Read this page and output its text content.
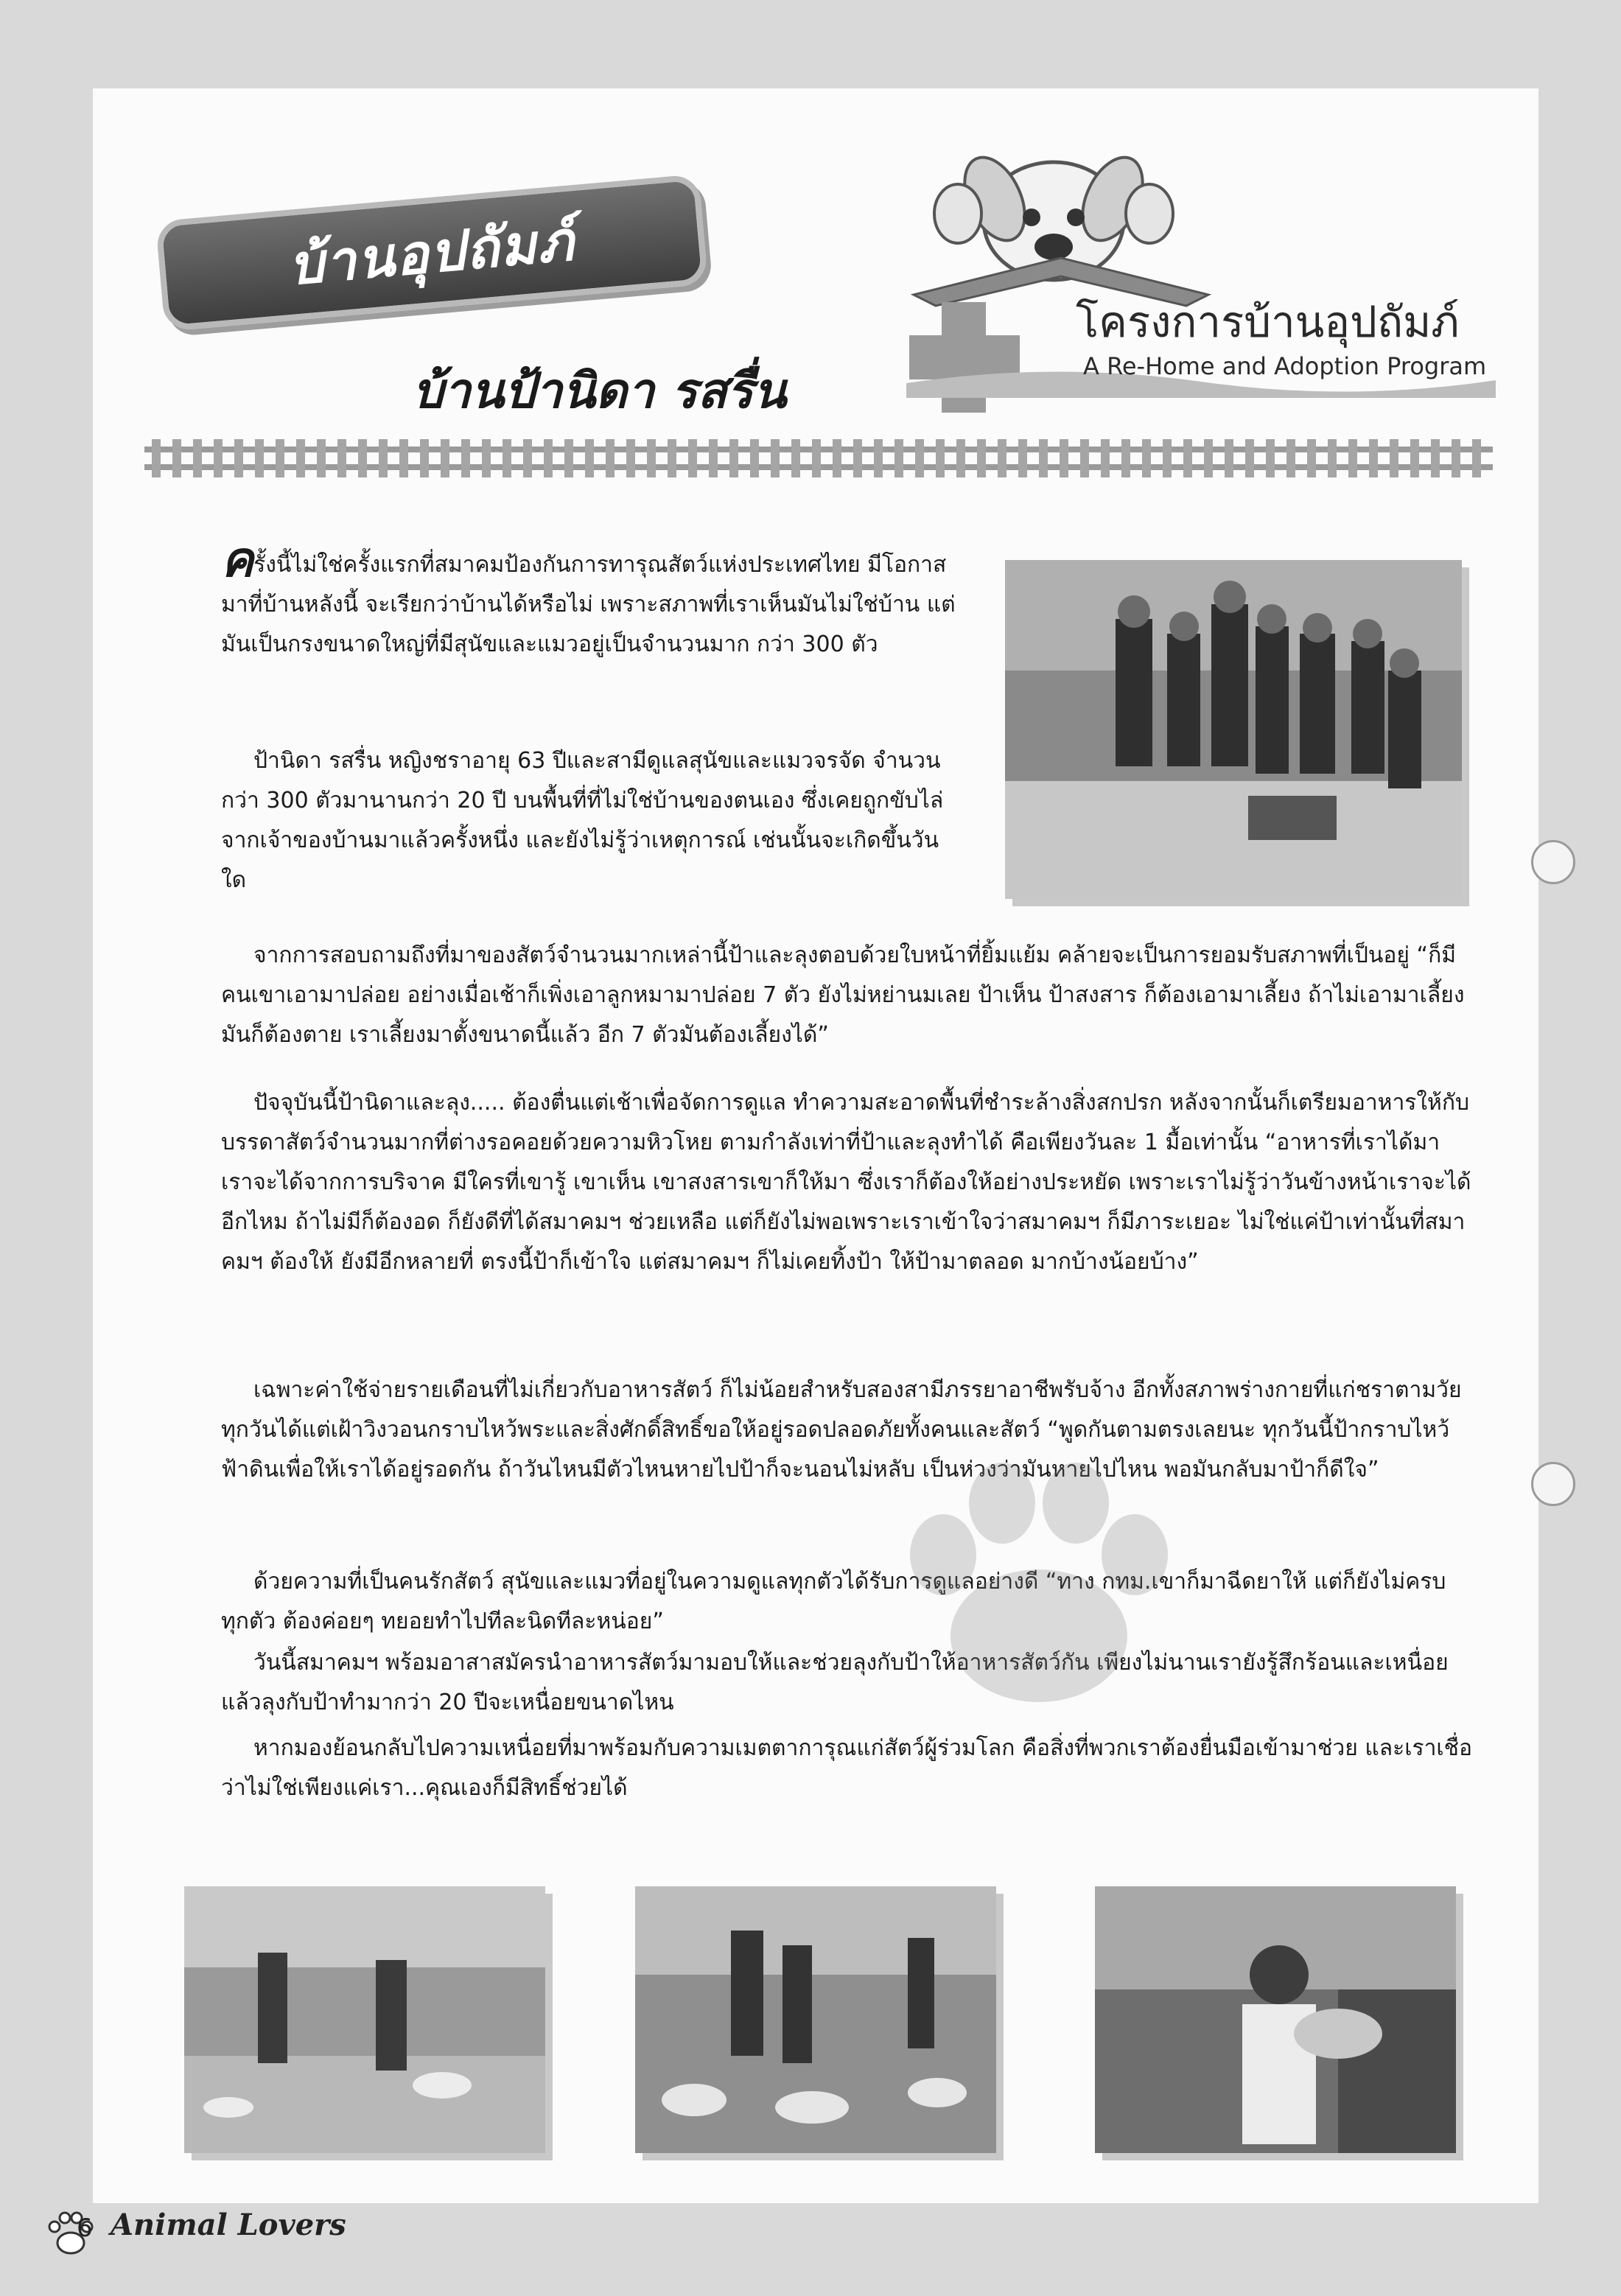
บ้านอุปถัมภ์
บ้านป้านิดา รสรื่น
โครงการบ้านอุปถัมภ์
A Re-Home and Adoption Program

ครั้งนี้ไม่ใช่ครั้งแรกที่สมาคมป้องกันการทารุณสัตว์แห่งประเทศไทย มีโอกาสมาที่บ้านหลังนี้ จะเรียกว่าบ้านได้หรือไม่ เพราะสภาพที่เราเห็นมันไม่ใช่บ้าน แต่มันเป็นกรงขนาดใหญ่ที่มีสุนัขและแมวอยู่เป็นจำนวนมาก กว่า 300 ตัว

ป้านิดา รสรื่น หญิงชราอายุ 63 ปีและสามีดูแลสุนัขและแมวจรจัด จำนวนกว่า 300 ตัวมานานกว่า 20 ปี บนพื้นที่ที่ไม่ใช่บ้านของตนเอง ซึ่งเคยถูกขับไล่จากเจ้าของบ้านมาแล้วครั้งหนึ่ง และยังไม่รู้ว่าเหตุการณ์ เช่นนั้นจะเกิดขึ้นวันใด
จากการสอบถามถึงที่มาของสัตว์จำนวนมากเหล่านี้ป้าและลุงตอบด้วยใบหน้าที่ยิ้มแย้ม คล้ายจะเป็นการยอมรับสภาพที่เป็นอยู่ “ก็มีคนเขาเอามาปล่อย อย่างเมื่อเช้าก็เพิ่งเอาลูกหมามาปล่อย 7 ตัว ยังไม่หย่านมเลย ป้าเห็น ป้าสงสาร ก็ต้องเอามาเลี้ยง ถ้าไม่เอามาเลี้ยงมันก็ต้องตาย เราเลี้ยงมาตั้งขนาดนี้แล้ว อีก 7 ตัวมันต้องเลี้ยงได้”
ปัจจุบันนี้ป้านิดาและลุง..... ต้องตื่นแต่เช้าเพื่อจัดการดูแล ทำความสะอาดพื้นที่ชำระล้างสิ่งสกปรก หลังจากนั้นก็เตรียมอาหารให้กับบรรดาสัตว์จำนวนมากที่ต่างรอคอยด้วยความหิวโหย ตามกำลังเท่าที่ป้าและลุงทำได้ คือเพียงวันละ 1 มื้อเท่านั้น “อาหารที่เราได้มา เราจะได้จากการบริจาค มีใครที่เขารู้ เขาเห็น เขาสงสารเขาก็ให้มา ซึ่งเราก็ต้องให้อย่างประหยัด เพราะเราไม่รู้ว่าวันข้างหน้าเราจะได้อีกไหม ถ้าไม่มีก็ต้องอด ก็ยังดีที่ได้สมาคมฯ ช่วยเหลือ แต่ก็ยังไม่พอเพราะเราเข้าใจว่าสมาคมฯ ก็มีภาระเยอะ ไม่ใช่แค่ป้าเท่านั้นที่สมาคมฯ ต้องให้ ยังมีอีกหลายที่ ตรงนี้ป้าก็เข้าใจ แต่สมาคมฯ ก็ไม่เคยทิ้งป้า ให้ป้ามาตลอด มากบ้างน้อยบ้าง”
เฉพาะค่าใช้จ่ายรายเดือนที่ไม่เกี่ยวกับอาหารสัตว์ ก็ไม่น้อยสำหรับสองสามีภรรยาอาชีพรับจ้าง อีกทั้งสภาพร่างกายที่แก่ชราตามวัย ทุกวันได้แต่เฝ้าวิงวอนกราบไหว้พระและสิ่งศักดิ์สิทธิ์ขอให้อยู่รอดปลอดภัยทั้งคนและสัตว์ “พูดกันตามตรงเลยนะ ทุกวันนี้ป้ากราบไหว้ฟ้าดินเพื่อให้เราได้อยู่รอดกัน ถ้าวันไหนมีตัวไหนหายไปป้าก็จะนอนไม่หลับ เป็นห่วงว่ามันหายไปไหน พอมันกลับมาป้าก็ดีใจ”
ด้วยความที่เป็นคนรักสัตว์ สุนัขและแมวที่อยู่ในความดูแลทุกตัวได้รับการดูแลอย่างดี “ทาง กทม.เขาก็มาฉีดยาให้ แต่ก็ยังไม่ครบทุกตัว ต้องค่อยๆ ทยอยทำไปทีละนิดทีละหน่อย”
วันนี้สมาคมฯ พร้อมอาสาสมัครนำอาหารสัตว์มามอบให้และช่วยลุงกับป้าให้อาหารสัตว์กัน เพียงไม่นานเรายังรู้สึกร้อนและเหนื่อย แล้วลุงกับป้าทำมากว่า 20 ปีจะเหนื่อยขนาดไหน
หากมองย้อนกลับไปความเหนื่อยที่มาพร้อมกับความเมตตาการุณแก่สัตว์ผู้ร่วมโลก คือสิ่งที่พวกเราต้องยื่นมือเข้ามาช่วย และเราเชื่อว่าไม่ใช่เพียงแค่เรา...คุณเองก็มีสิทธิ์ช่วยได้
6 Animal Lovers
